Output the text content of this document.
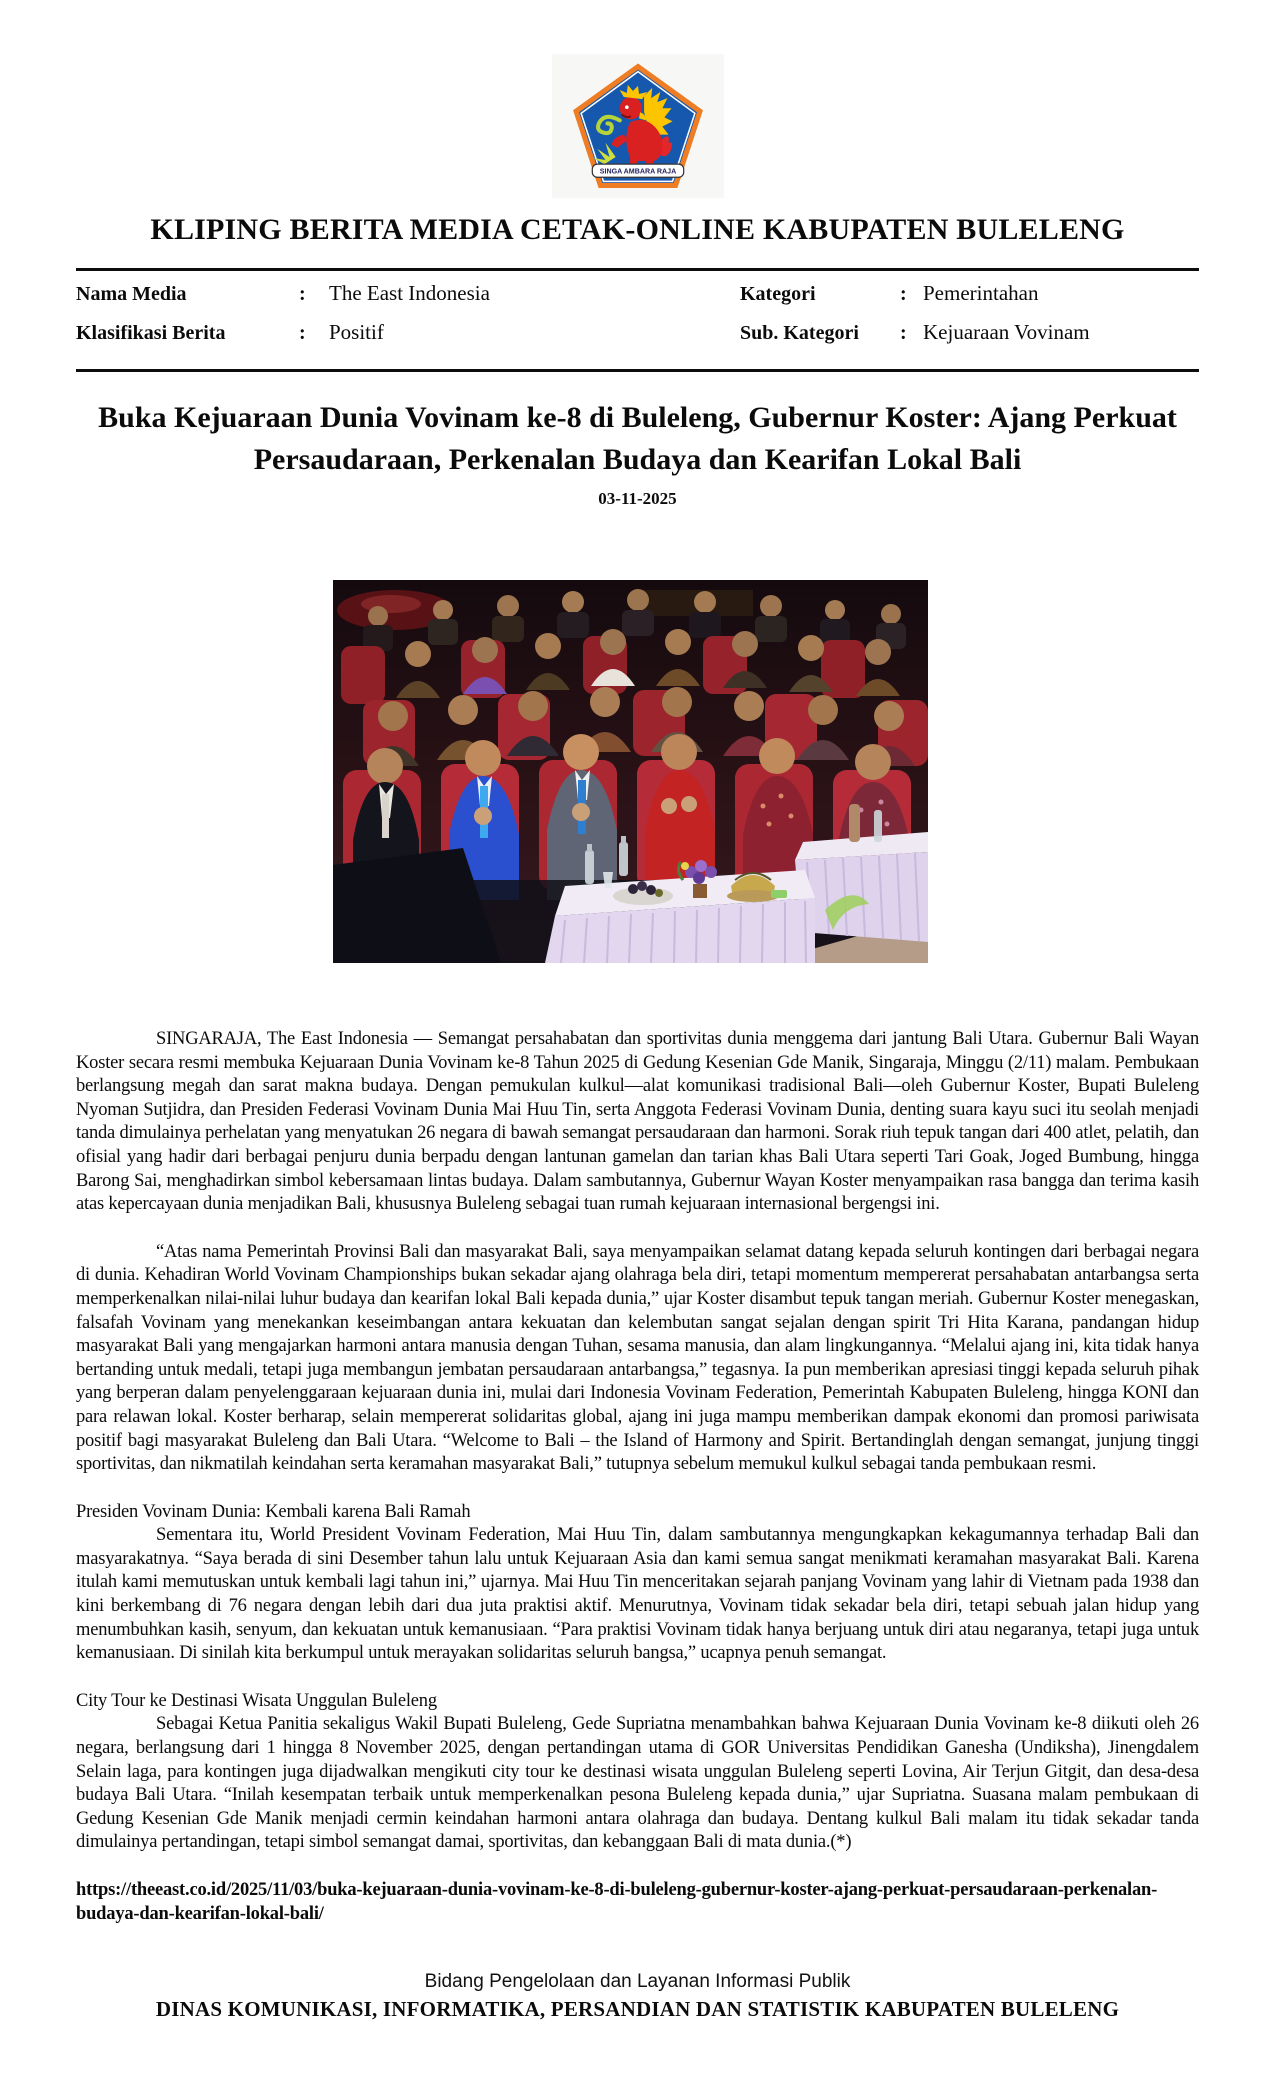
SINGA AMBARA RAJA
KLIPING BERITA MEDIA CETAK-ONLINE KABUPATEN BULELENG
Nama Media	:	The East Indonesia	Kategori	: Pemerintahan
Klasifikasi Berita	:	Positif	Sub. Kategori	: Kejuaraan Vovinam
Buka Kejuaraan Dunia Vovinam ke-8 di Buleleng, Gubernur Koster: Ajang Perkuat Persaudaraan, Perkenalan Budaya dan Kearifan Lokal Bali
03-11-2025

SINGARAJA, The East Indonesia — Semangat persahabatan dan sportivitas dunia menggema dari jantung Bali Utara. Gubernur Bali Wayan Koster secara resmi membuka Kejuaraan Dunia Vovinam ke-8 Tahun 2025 di Gedung Kesenian Gde Manik, Singaraja, Minggu (2/11) malam. Pembukaan berlangsung megah dan sarat makna budaya. Dengan pemukulan kulkul—alat komunikasi tradisional Bali—oleh Gubernur Koster, Bupati Buleleng Nyoman Sutjidra, dan Presiden Federasi Vovinam Dunia Mai Huu Tin, serta Anggota Federasi Vovinam Dunia, denting suara kayu suci itu seolah menjadi tanda dimulainya perhelatan yang menyatukan 26 negara di bawah semangat persaudaraan dan harmoni. Sorak riuh tepuk tangan dari 400 atlet, pelatih, dan ofisial yang hadir dari berbagai penjuru dunia berpadu dengan lantunan gamelan dan tarian khas Bali Utara seperti Tari Goak, Joged Bumbung, hingga Barong Sai, menghadirkan simbol kebersamaan lintas budaya. Dalam sambutannya, Gubernur Wayan Koster menyampaikan rasa bangga dan terima kasih atas kepercayaan dunia menjadikan Bali, khususnya Buleleng sebagai tuan rumah kejuaraan internasional bergengsi ini.

“Atas nama Pemerintah Provinsi Bali dan masyarakat Bali, saya menyampaikan selamat datang kepada seluruh kontingen dari berbagai negara di dunia. Kehadiran World Vovinam Championships bukan sekadar ajang olahraga bela diri, tetapi momentum mempererat persahabatan antarbangsa serta memperkenalkan nilai-nilai luhur budaya dan kearifan lokal Bali kepada dunia,” ujar Koster disambut tepuk tangan meriah. Gubernur Koster menegaskan, falsafah Vovinam yang menekankan keseimbangan antara kekuatan dan kelembutan sangat sejalan dengan spirit Tri Hita Karana, pandangan hidup masyarakat Bali yang mengajarkan harmoni antara manusia dengan Tuhan, sesama manusia, dan alam lingkungannya. “Melalui ajang ini, kita tidak hanya bertanding untuk medali, tetapi juga membangun jembatan persaudaraan antarbangsa,” tegasnya. Ia pun memberikan apresiasi tinggi kepada seluruh pihak yang berperan dalam penyelenggaraan kejuaraan dunia ini, mulai dari Indonesia Vovinam Federation, Pemerintah Kabupaten Buleleng, hingga KONI dan para relawan lokal. Koster berharap, selain mempererat solidaritas global, ajang ini juga mampu memberikan dampak ekonomi dan promosi pariwisata positif bagi masyarakat Buleleng dan Bali Utara. “Welcome to Bali – the Island of Harmony and Spirit. Bertandinglah dengan semangat, junjung tinggi sportivitas, dan nikmatilah keindahan serta keramahan masyarakat Bali,” tutupnya sebelum memukul kulkul sebagai tanda pembukaan resmi.

Presiden Vovinam Dunia: Kembali karena Bali Ramah

Sementara itu, World President Vovinam Federation, Mai Huu Tin, dalam sambutannya mengungkapkan kekagumannya terhadap Bali dan masyarakatnya. “Saya berada di sini Desember tahun lalu untuk Kejuaraan Asia dan kami semua sangat menikmati keramahan masyarakat Bali. Karena itulah kami memutuskan untuk kembali lagi tahun ini,” ujarnya. Mai Huu Tin menceritakan sejarah panjang Vovinam yang lahir di Vietnam pada 1938 dan kini berkembang di 76 negara dengan lebih dari dua juta praktisi aktif. Menurutnya, Vovinam tidak sekadar bela diri, tetapi sebuah jalan hidup yang menumbuhkan kasih, senyum, dan kekuatan untuk kemanusiaan. “Para praktisi Vovinam tidak hanya berjuang untuk diri atau negaranya, tetapi juga untuk kemanusiaan. Di sinilah kita berkumpul untuk merayakan solidaritas seluruh bangsa,” ucapnya penuh semangat.

City Tour ke Destinasi Wisata Unggulan Buleleng

Sebagai Ketua Panitia sekaligus Wakil Bupati Buleleng, Gede Supriatna menambahkan bahwa Kejuaraan Dunia Vovinam ke-8 diikuti oleh 26 negara, berlangsung dari 1 hingga 8 November 2025, dengan pertandingan utama di GOR Universitas Pendidikan Ganesha (Undiksha), Jinengdalem Selain laga, para kontingen juga dijadwalkan mengikuti city tour ke destinasi wisata unggulan Buleleng seperti Lovina, Air Terjun Gitgit, dan desa-desa budaya Bali Utara. “Inilah kesempatan terbaik untuk memperkenalkan pesona Buleleng kepada dunia,” ujar Supriatna. Suasana malam pembukaan di Gedung Kesenian Gde Manik menjadi cermin keindahan harmoni antara olahraga dan budaya. Dentang kulkul Bali malam itu tidak sekadar tanda dimulainya pertandingan, tetapi simbol semangat damai, sportivitas, dan kebanggaan Bali di mata dunia.(*)

https://theeast.co.id/2025/11/03/buka-kejuaraan-dunia-vovinam-ke-8-di-buleleng-gubernur-koster-ajang-perkuat-persaudaraan-perkenalan-budaya-dan-kearifan-lokal-bali/

Bidang Pengelolaan dan Layanan Informasi Publik
DINAS KOMUNIKASI, INFORMATIKA, PERSANDIAN DAN STATISTIK KABUPATEN BULELENG
